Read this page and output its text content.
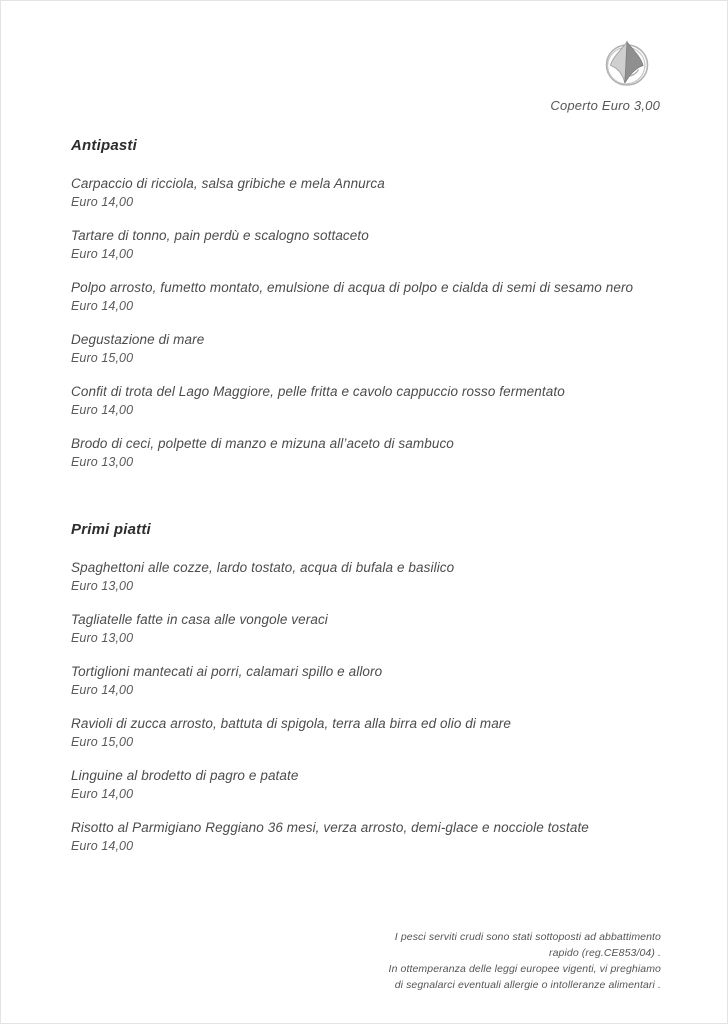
Coperto Euro 3,00
Antipasti
Carpaccio di ricciola, salsa gribiche e mela Annurca
Euro 14,00
Tartare di tonno, pain perdù e scalogno sottaceto
Euro 14,00
Polpo arrosto, fumetto montato, emulsione di acqua di polpo e cialda di semi di sesamo nero
Euro 14,00
Degustazione di mare
Euro 15,00
Confit di trota del Lago Maggiore, pelle fritta e cavolo cappuccio rosso fermentato
Euro 14,00
Brodo di ceci, polpette di manzo e mizuna all’aceto di sambuco
Euro 13,00
Primi piatti
Spaghettoni alle cozze, lardo tostato, acqua di bufala e basilico
Euro 13,00
Tagliatelle fatte in casa alle vongole veraci
Euro 13,00
Tortiglioni mantecati ai porri, calamari spillo e alloro
Euro 14,00
Ravioli di zucca arrosto, battuta di spigola, terra alla birra ed olio di mare
Euro 15,00
Linguine al brodetto di pagro e patate
Euro 14,00
Risotto al Parmigiano Reggiano 36 mesi, verza arrosto, demi-glace e nocciole tostate
Euro 14,00
I pesci serviti crudi sono stati sottoposti ad abbattimento
rapido (reg.CE853/04) .
In ottemperanza delle leggi europee vigenti, vi preghiamo
di segnalarci eventuali allergie o intolleranze alimentari .
